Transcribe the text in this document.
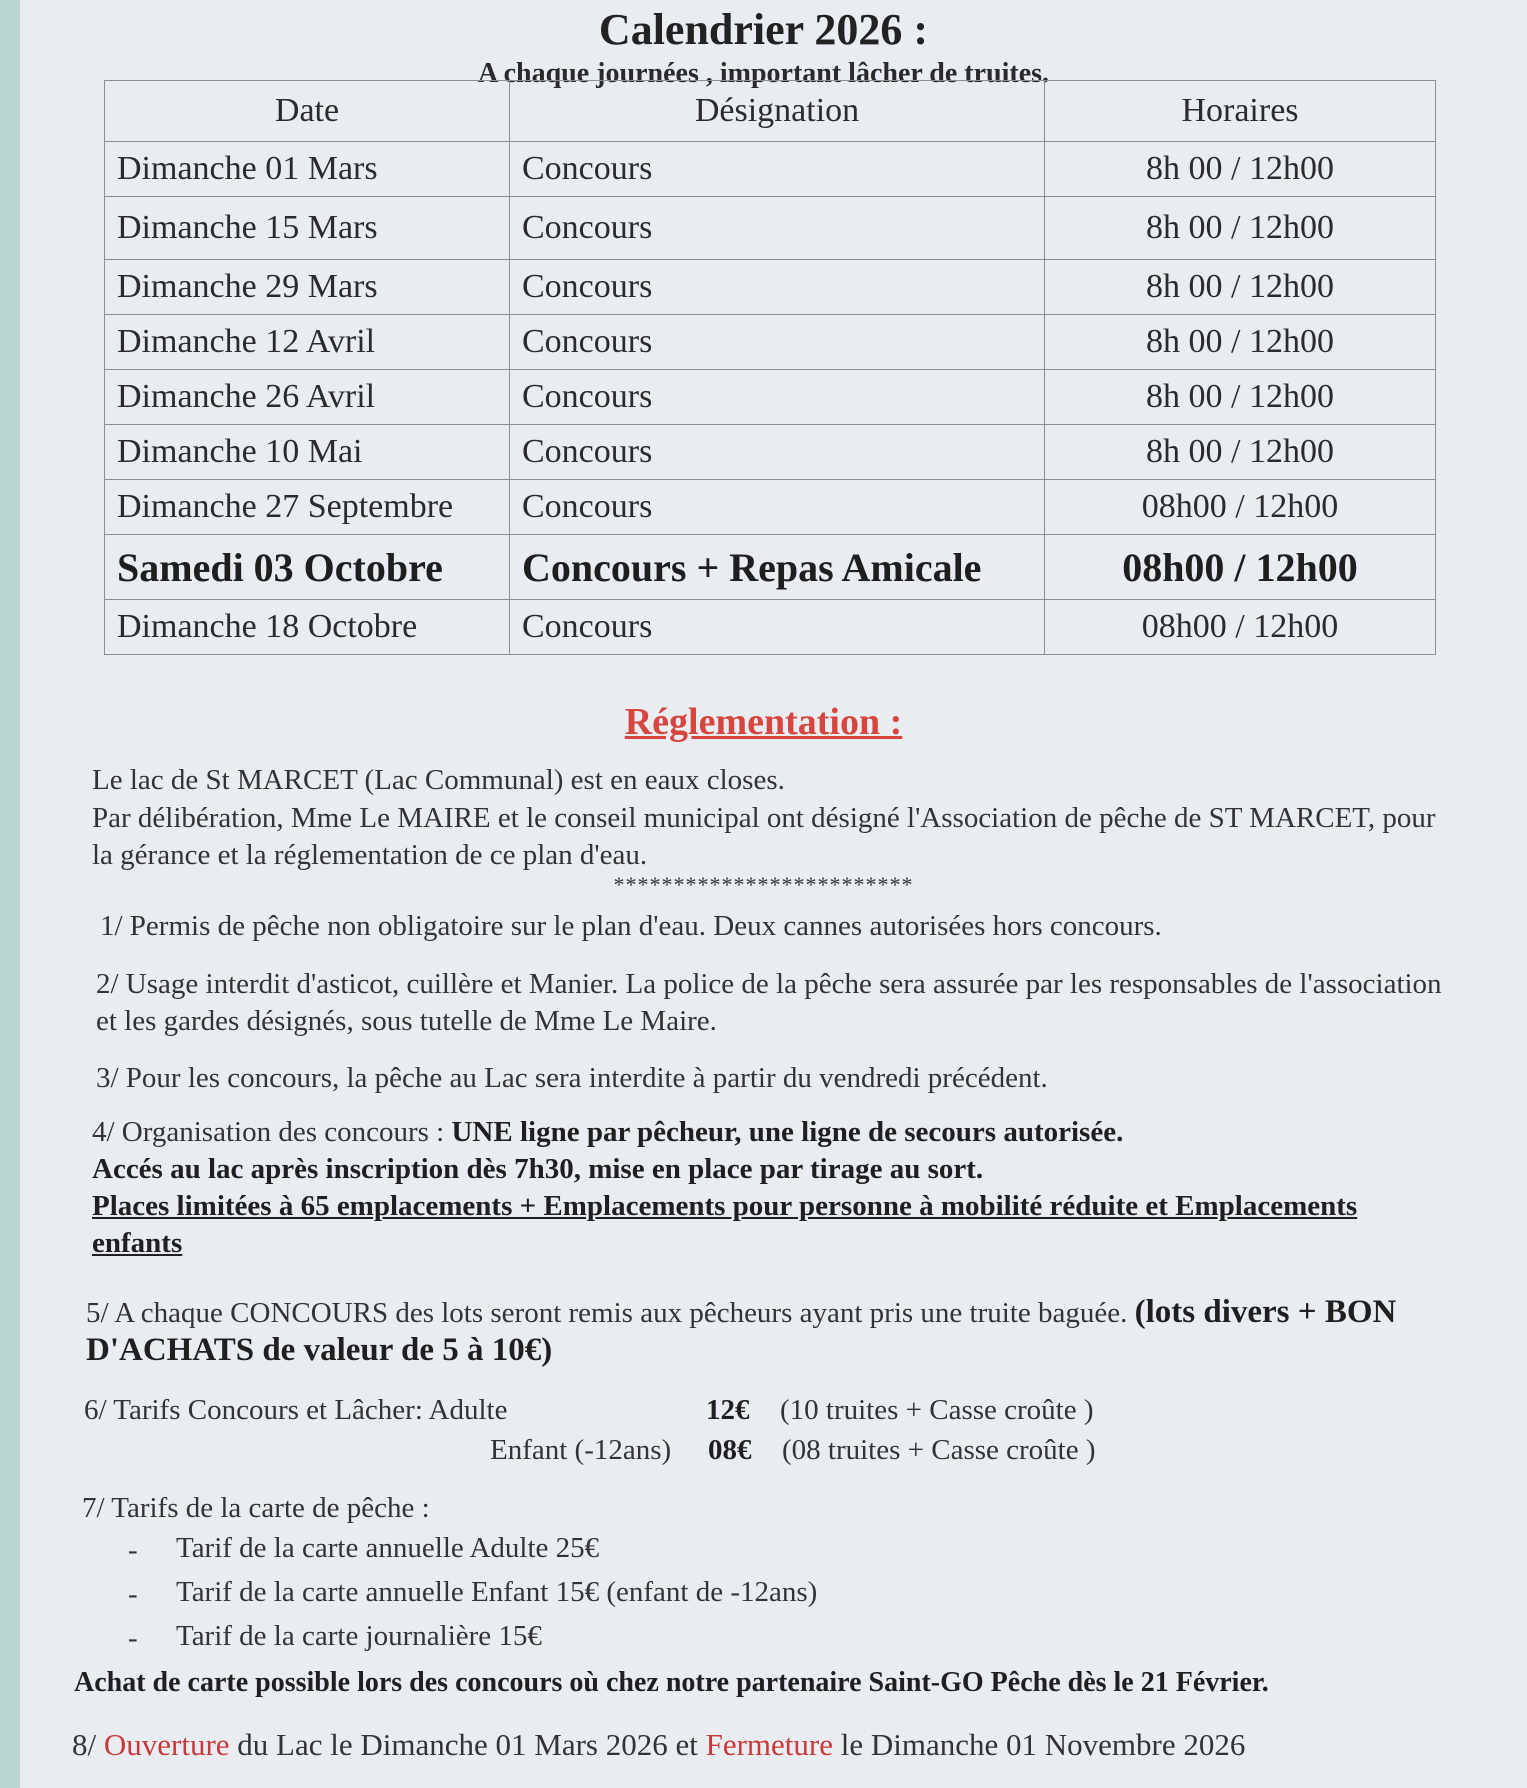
Calendrier 2026 :
A chaque journées , important lâcher de truites.
Date	Désignation	Horaires
Dimanche 01 Mars	Concours	8h 00 / 12h00
Dimanche 15 Mars	Concours	8h 00 / 12h00
Dimanche 29 Mars	Concours	8h 00 / 12h00
Dimanche 12 Avril	Concours	8h 00 / 12h00
Dimanche 26 Avril	Concours	8h 00 / 12h00
Dimanche 10 Mai	Concours	8h 00 / 12h00
Dimanche 27 Septembre	Concours	08h00 / 12h00
Samedi 03 Octobre	Concours + Repas Amicale	08h00 / 12h00
Dimanche 18 Octobre	Concours	08h00 / 12h00
Réglementation :
Le lac de St MARCET (Lac Communal) est en eaux closes.
Par délibération, Mme Le MAIRE et le conseil municipal ont désigné l'Association de pêche de ST MARCET, pour la gérance et la réglementation de ce plan d'eau.
*************************
1/ Permis de pêche non obligatoire sur le plan d'eau. Deux cannes autorisées hors concours.
2/ Usage interdit d'asticot, cuillère et Manier. La police de la pêche sera assurée par les responsables de l'association et les gardes désignés, sous tutelle de Mme Le Maire.
3/ Pour les concours, la pêche au Lac sera interdite à partir du vendredi précédent.
4/ Organisation des concours : UNE ligne par pêcheur, une ligne de secours autorisée.
Accés au lac après inscription dès 7h30, mise en place par tirage au sort.
Places limitées à 65 emplacements + Emplacements pour personne à mobilité réduite et Emplacements enfants
5/ A chaque CONCOURS des lots seront remis aux pêcheurs ayant pris une truite baguée. (lots divers + BON D'ACHATS de valeur de 5 à 10€)
6/ Tarifs Concours et Lâcher: Adulte	12€ (10 truites + Casse croûte )
Enfant (-12ans) 08€ (08 truites + Casse croûte )
7/ Tarifs de la carte de pêche :
- Tarif de la carte annuelle Adulte 25€
- Tarif de la carte annuelle Enfant 15€ (enfant de -12ans)
- Tarif de la carte journalière 15€
Achat de carte possible lors des concours où chez notre partenaire Saint-GO Pêche dès le 21 Février.
8/ Ouverture du Lac le Dimanche 01 Mars 2026 et Fermeture le Dimanche 01 Novembre 2026
